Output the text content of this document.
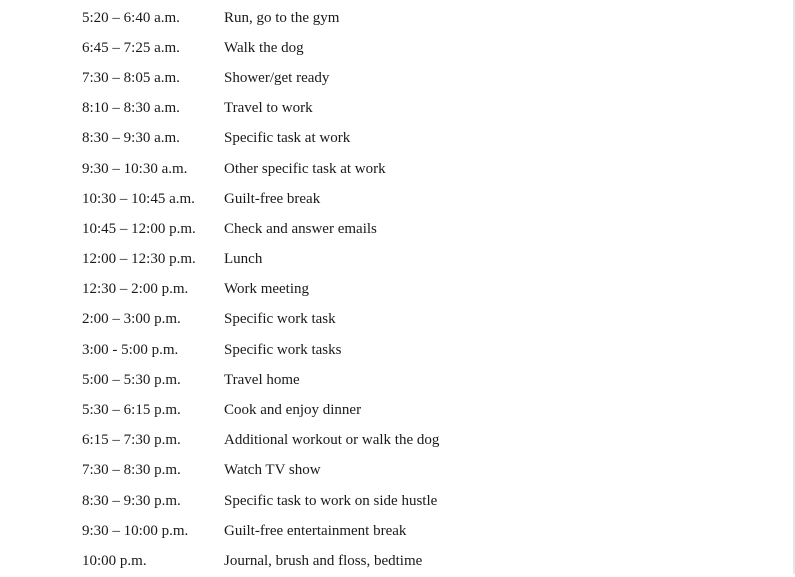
5:20 – 6:40 a.m.	Run, go to the gym
6:45 – 7:25 a.m.	Walk the dog
7:30 – 8:05 a.m.	Shower/get ready
8:10 – 8:30 a.m.	Travel to work
8:30 – 9:30 a.m.	Specific task at work
9:30 – 10:30 a.m.	Other specific task at work
10:30 – 10:45 a.m.	Guilt-free break
10:45 – 12:00 p.m.	Check and answer emails
12:00 – 12:30 p.m.	Lunch
12:30 – 2:00 p.m.	Work meeting
2:00 – 3:00 p.m.	Specific work task
3:00 - 5:00 p.m.	Specific work tasks
5:00 – 5:30 p.m.	Travel home
5:30 – 6:15 p.m.	Cook and enjoy dinner
6:15 – 7:30 p.m.	Additional workout or walk the dog
7:30 – 8:30 p.m.	Watch TV show
8:30 – 9:30 p.m.	Specific task to work on side hustle
9:30 – 10:00 p.m.	Guilt-free entertainment break
10:00 p.m.	Journal, brush and floss, bedtime
